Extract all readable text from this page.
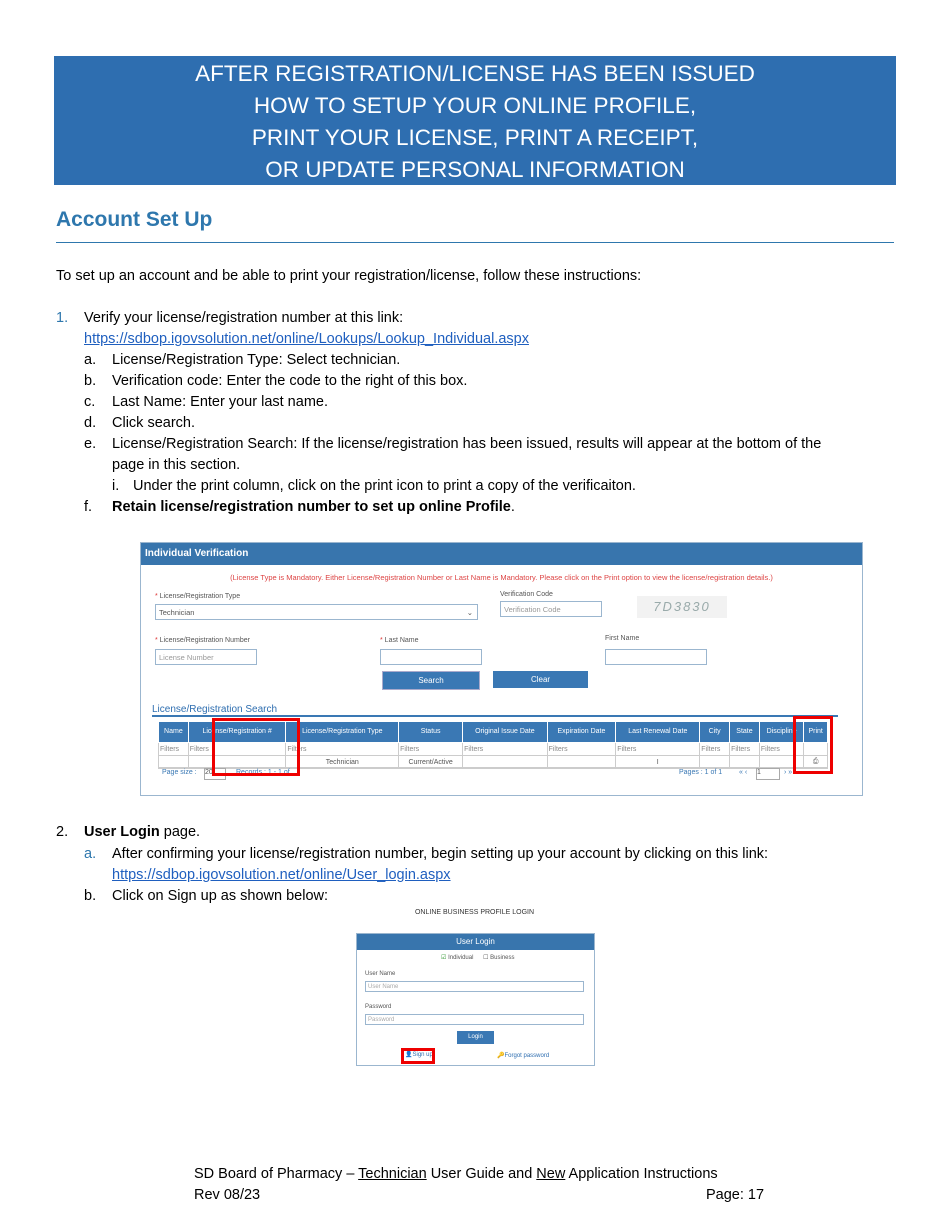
AFTER REGISTRATION/LICENSE HAS BEEN ISSUED
HOW TO SETUP YOUR ONLINE PROFILE,
PRINT YOUR LICENSE, PRINT A RECEIPT,
OR UPDATE PERSONAL INFORMATION
Account Set Up
To set up an account and be able to print your registration/license, follow these instructions:
1. Verify your license/registration number at this link:
https://sdbop.igovsolution.net/online/Lookups/Lookup_Individual.aspx
a. License/Registration Type: Select technician.
b. Verification code: Enter the code to the right of this box.
c. Last Name: Enter your last name.
d. Click search.
e. License/Registration Search: If the license/registration has been issued, results will appear at the bottom of the
page in this section.
i. Under the print column, click on the print icon to print a copy of the verificaiton.
f. Retain license/registration number to set up online Profile.
Individual Verification
(License Type is Mandatory. Either License/Registration Number or Last Name is Mandatory. Please click on the Print option to view the license/registration details.)
* License/Registration Type
Technician	⌄
Verification Code
Verification Code	7D3830
* License/Registration Number
License Number
* Last Name	First Name
Search	Clear
License/Registration Search
Name	License/Registration #	License/Registration Type	Status	Original Issue Date	Expiration Date	Last Renewal Date	City	State	Discipline	Print
Filters	Filters	Filters	Filters	Filters	Filters	Filters	Filters	Filters	Filters	
		Technician	Current/Active			I				⎙
Page size : 20	Records : 1 - 1 of	Pages : 1 of 1 « ‹ 1	› »
2. User Login page.
a. After confirming your license/registration number, begin setting up your account by clicking on this link:
https://sdbop.igovsolution.net/online/User_login.aspx
b. Click on Sign up as shown below:
ONLINE BUSINESS PROFILE LOGIN
User Login
☑ Individual ☐ Business
User Name
User Name
Password
Password
Login
👤Sign up	🔑Forgot password
SD Board of Pharmacy – Technician User Guide and New Application Instructions
Rev 08/23	Page: 17
